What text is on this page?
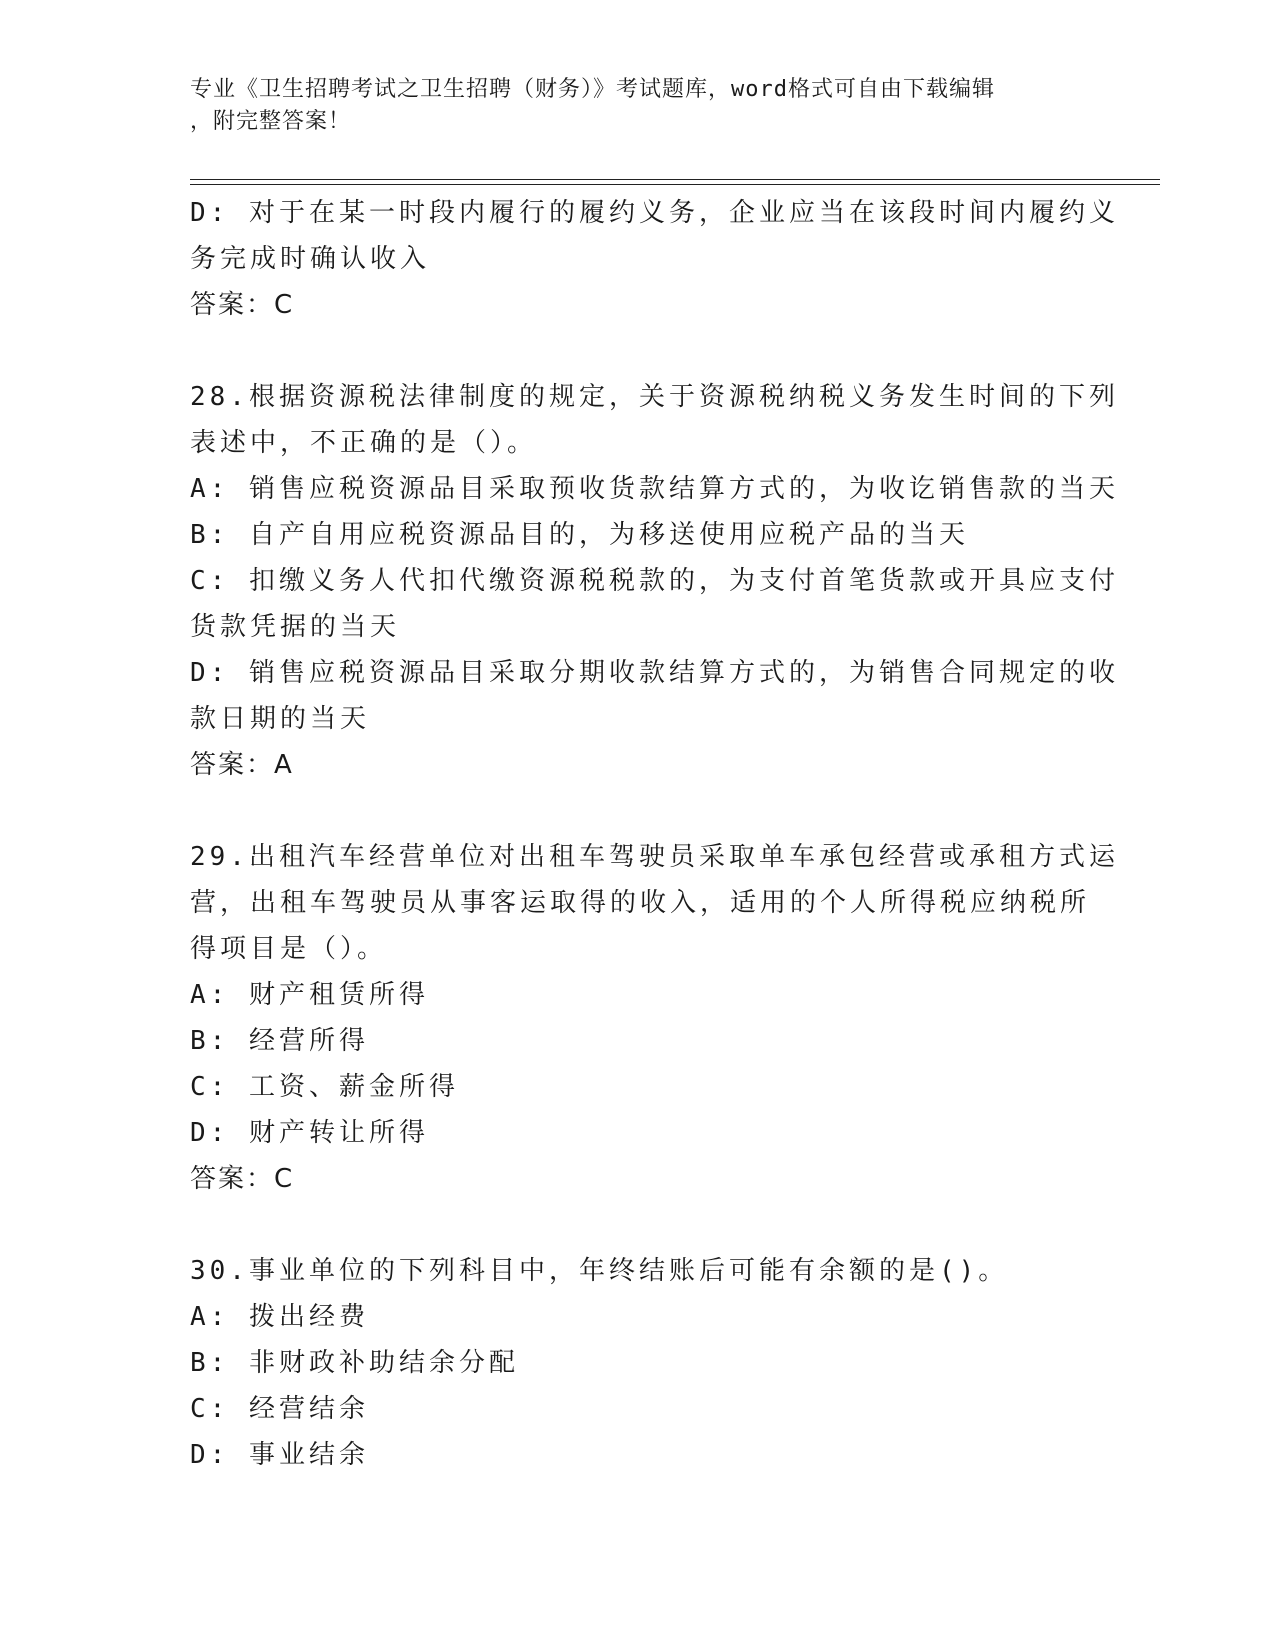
专业《卫生招聘考试之卫生招聘（财务）》考试题库，word格式可自由下载编辑
，附完整答案！
D: 对于在某一时段内履行的履约义务，企业应当在该段时间内履约义
务完成时确认收入
答案：C
28.根据资源税法律制度的规定，关于资源税纳税义务发生时间的下列
表述中，不正确的是（）。
A: 销售应税资源品目采取预收货款结算方式的，为收讫销售款的当天
B: 自产自用应税资源品目的，为移送使用应税产品的当天
C: 扣缴义务人代扣代缴资源税税款的，为支付首笔货款或开具应支付
货款凭据的当天
D: 销售应税资源品目采取分期收款结算方式的，为销售合同规定的收
款日期的当天
答案：A
29.出租汽车经营单位对出租车驾驶员采取单车承包经营或承租方式运
营，出租车驾驶员从事客运取得的收入，适用的个人所得税应纳税所
得项目是（）。
A: 财产租赁所得
B: 经营所得
C: 工资、薪金所得
D: 财产转让所得
答案：C
30.事业单位的下列科目中，年终结账后可能有余额的是()。
A: 拨出经费
B: 非财政补助结余分配
C: 经营结余
D: 事业结余
